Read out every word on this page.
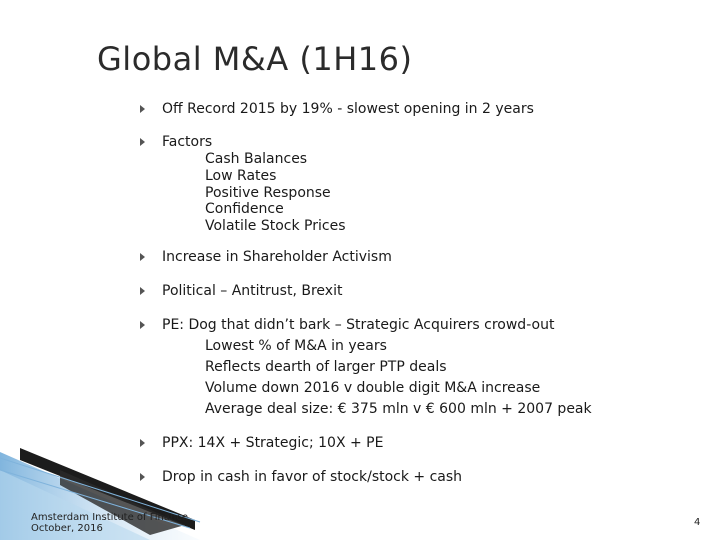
Global M&A (1H16)
Off Record 2015 by 19% - slowest opening in 2 years
Factors
Cash Balances
Low Rates
Positive Response
Confidence
Volatile Stock Prices
Increase in Shareholder Activism
Political – Antitrust, Brexit
PE: Dog that didn’t bark – Strategic Acquirers crowd-out
Lowest % of M&A in years
Reflects dearth of larger PTP deals
Volume down 2016 v double digit M&A increase
Average deal size: € 375 mln v € 600 mln + 2007 peak
PPX: 14X + Strategic; 10X + PE
Drop in cash in favor of stock/stock + cash
Amsterdam Institute of Finance
October, 2016
4
